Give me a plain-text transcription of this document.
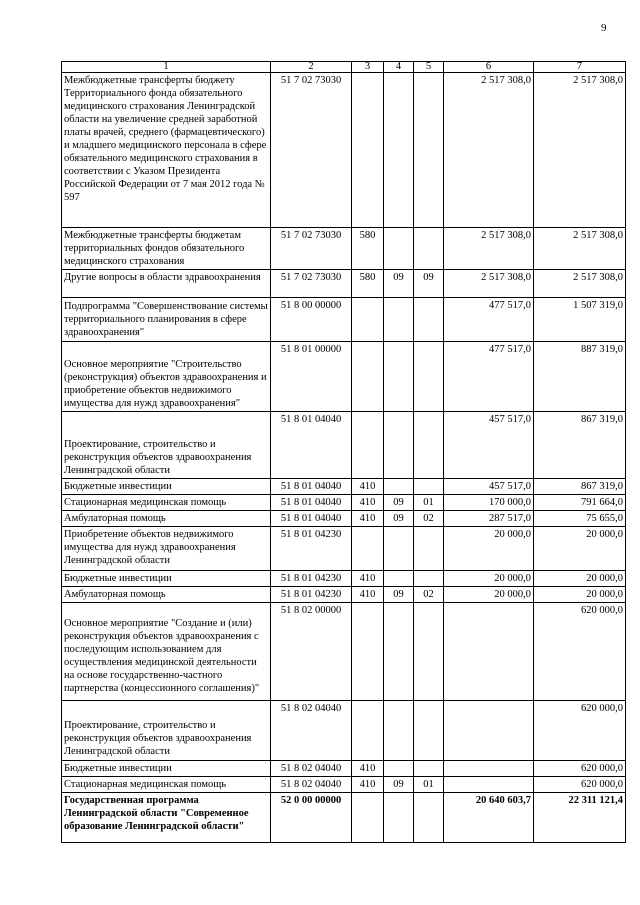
9
1	2	3	4	5	6	7
Межбюджетные трансферты бюджету Территориального фонда обязательного медицинского страхования Ленинградской области на увеличение средней заработной платы врачей, среднего (фармацевтического) и младшего медицинского персонала в сфере обязательного медицинского страхования в соответствии с Указом Президента Российской Федерации от 7 мая 2012 года № 597	51 7 02 73030				2 517 308,0	2 517 308,0
Межбюджетные трансферты бюджетам территориальных фондов обязательного медицинского страхования	51 7 02 73030	580			2 517 308,0	2 517 308,0
Другие вопросы в области здравоохранения	51 7 02 73030	580	09	09	2 517 308,0	2 517 308,0
Подпрограмма "Совершенствование системы территориального планирования в сфере здравоохранения"	51 8 00 00000				477 517,0	1 507 319,0
Основное мероприятие "Строительство (реконструкция) объектов здравоохранения и приобретение объектов недвижимого имущества для нужд здравоохранения"	51 8 01 00000				477 517,0	887 319,0
Проектирование, строительство и реконструкция объектов здравоохранения Ленинградской области	51 8 01 04040				457 517,0	867 319,0
Бюджетные инвестиции	51 8 01 04040	410			457 517,0	867 319,0
Стационарная медицинская помощь	51 8 01 04040	410	09	01	170 000,0	791 664,0
Амбулаторная помощь	51 8 01 04040	410	09	02	287 517,0	75 655,0
Приобретение объектов недвижимого имущества для нужд здравоохранения Ленинградской области	51 8 01 04230				20 000,0	20 000,0
Бюджетные инвестиции	51 8 01 04230	410			20 000,0	20 000,0
Амбулаторная помощь	51 8 01 04230	410	09	02	20 000,0	20 000,0
Основное мероприятие "Создание и (или) реконструкция объектов здравоохранения с последующим использованием для осуществления медицинской деятельности на основе государственно-частного партнерства (концессионного соглашения)"	51 8 02 00000					620 000,0
Проектирование, строительство и реконструкция объектов здравоохранения Ленинградской области	51 8 02 04040					620 000,0
Бюджетные инвестиции	51 8 02 04040	410				620 000,0
Стационарная медицинская помощь	51 8 02 04040	410	09	01		620 000,0
Государственная программа Ленинградской области "Современное образование Ленинградской области"	52 0 00 00000				20 640 603,7	22 311 121,4
